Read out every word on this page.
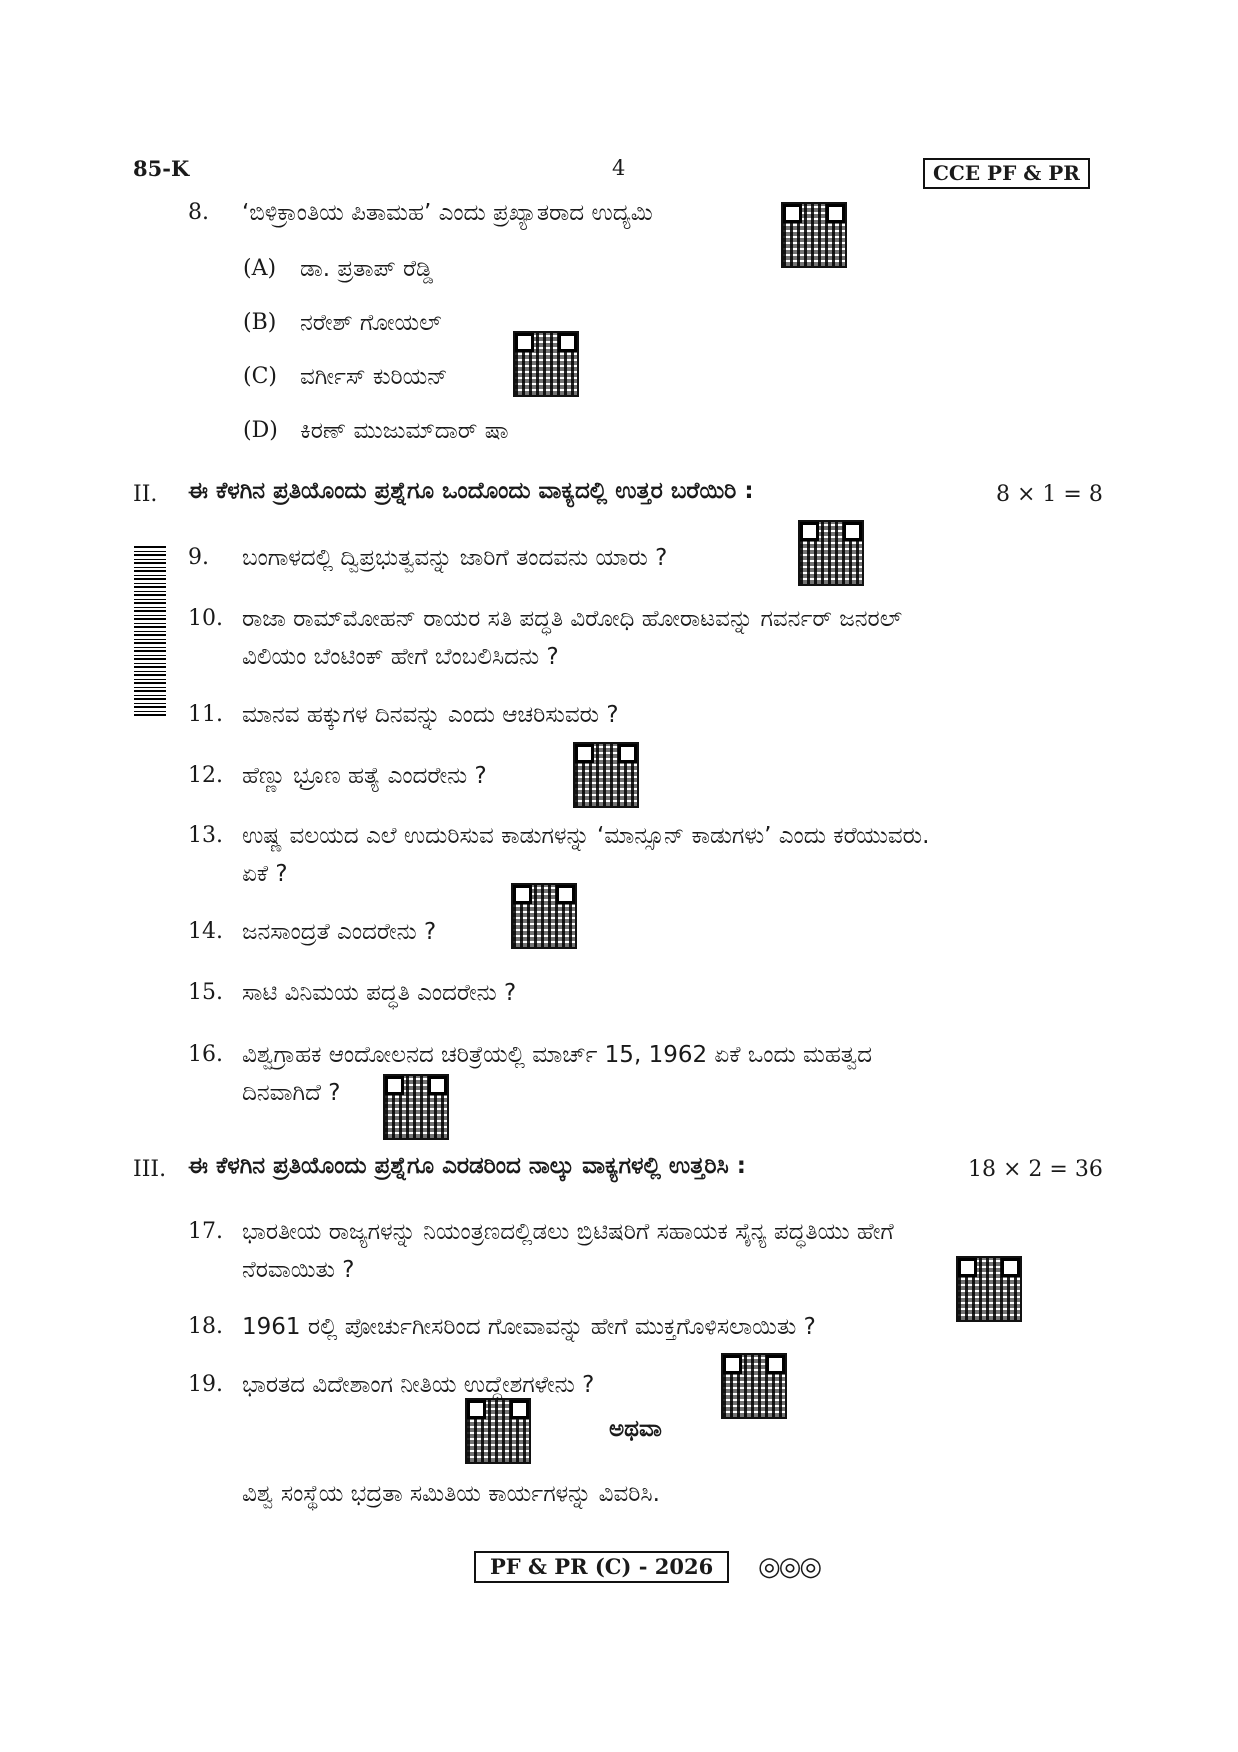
85-K	4	CCE PF & PR
8. ‘ಬಿಳಿಕ್ರಾಂತಿಯ ಪಿತಾಮಹ’ ಎಂದು ಪ್ರಖ್ಯಾತರಾದ ಉದ್ಯಮಿ
(A) ಡಾ. ಪ್ರತಾಪ್ ರೆಡ್ಡಿ
(B) ನರೇಶ್ ಗೋಯಲ್
(C) ವರ್ಗೀಸ್ ಕುರಿಯನ್
(D) ಕಿರಣ್ ಮುಜುಮ್‌ದಾರ್ ಷಾ
II. ಈ ಕೆಳಗಿನ ಪ್ರತಿಯೊಂದು ಪ್ರಶ್ನೆಗೂ ಒಂದೊಂದು ವಾಕ್ಯದಲ್ಲಿ ಉತ್ತರ ಬರೆಯಿರಿ :	8 × 1 = 8
9. ಬಂಗಾಳದಲ್ಲಿ ದ್ವಿಪ್ರಭುತ್ವವನ್ನು ಜಾರಿಗೆ ತಂದವನು ಯಾರು ?
10. ರಾಜಾ ರಾಮ್‌ಮೋಹನ್ ರಾಯರ ಸತಿ ಪದ್ಧತಿ ವಿರೋಧಿ ಹೋರಾಟವನ್ನು ಗವರ್ನರ್ ಜನರಲ್
ವಿಲಿಯಂ ಬೆಂಟಿಂಕ್ ಹೇಗೆ ಬೆಂಬಲಿಸಿದನು ?
11. ಮಾನವ ಹಕ್ಕುಗಳ ದಿನವನ್ನು ಎಂದು ಆಚರಿಸುವರು ?
12. ಹೆಣ್ಣು ಭ್ರೂಣ ಹತ್ಯೆ ಎಂದರೇನು ?
13. ಉಷ್ಣ ವಲಯದ ಎಲೆ ಉದುರಿಸುವ ಕಾಡುಗಳನ್ನು ‘ಮಾನ್ಸೂನ್ ಕಾಡುಗಳು’ ಎಂದು ಕರೆಯುವರು.
ಏಕೆ ?
14. ಜನಸಾಂದ್ರತೆ ಎಂದರೇನು ?
15. ಸಾಟಿ ವಿನಿಮಯ ಪದ್ಧತಿ ಎಂದರೇನು ?
16. ವಿಶ್ವಗ್ರಾಹಕ ಆಂದೋಲನದ ಚರಿತ್ರೆಯಲ್ಲಿ ಮಾರ್ಚ್ 15, 1962 ಏಕೆ ಒಂದು ಮಹತ್ವದ
ದಿನವಾಗಿದೆ ?
III. ಈ ಕೆಳಗಿನ ಪ್ರತಿಯೊಂದು ಪ್ರಶ್ನೆಗೂ ಎರಡರಿಂದ ನಾಲ್ಕು ವಾಕ್ಯಗಳಲ್ಲಿ ಉತ್ತರಿಸಿ :	18 × 2 = 36
17. ಭಾರತೀಯ ರಾಜ್ಯಗಳನ್ನು ನಿಯಂತ್ರಣದಲ್ಲಿಡಲು ಬ್ರಿಟಿಷರಿಗೆ ಸಹಾಯಕ ಸೈನ್ಯ ಪದ್ಧತಿಯು ಹೇಗೆ
ನೆರವಾಯಿತು ?
18. 1961 ರಲ್ಲಿ ಪೋರ್ಚುಗೀಸರಿಂದ ಗೋವಾವನ್ನು ಹೇಗೆ ಮುಕ್ತಗೊಳಿಸಲಾಯಿತು ?
19. ಭಾರತದ ವಿದೇಶಾಂಗ ನೀತಿಯ ಉದ್ದೇಶಗಳೇನು ?
ಅಥವಾ
ವಿಶ್ವ ಸಂಸ್ಥೆಯ ಭದ್ರತಾ ಸಮಿತಿಯ ಕಾರ್ಯಗಳನ್ನು ವಿವರಿಸಿ.
PF & PR (C) - 2026	◎◎◎
